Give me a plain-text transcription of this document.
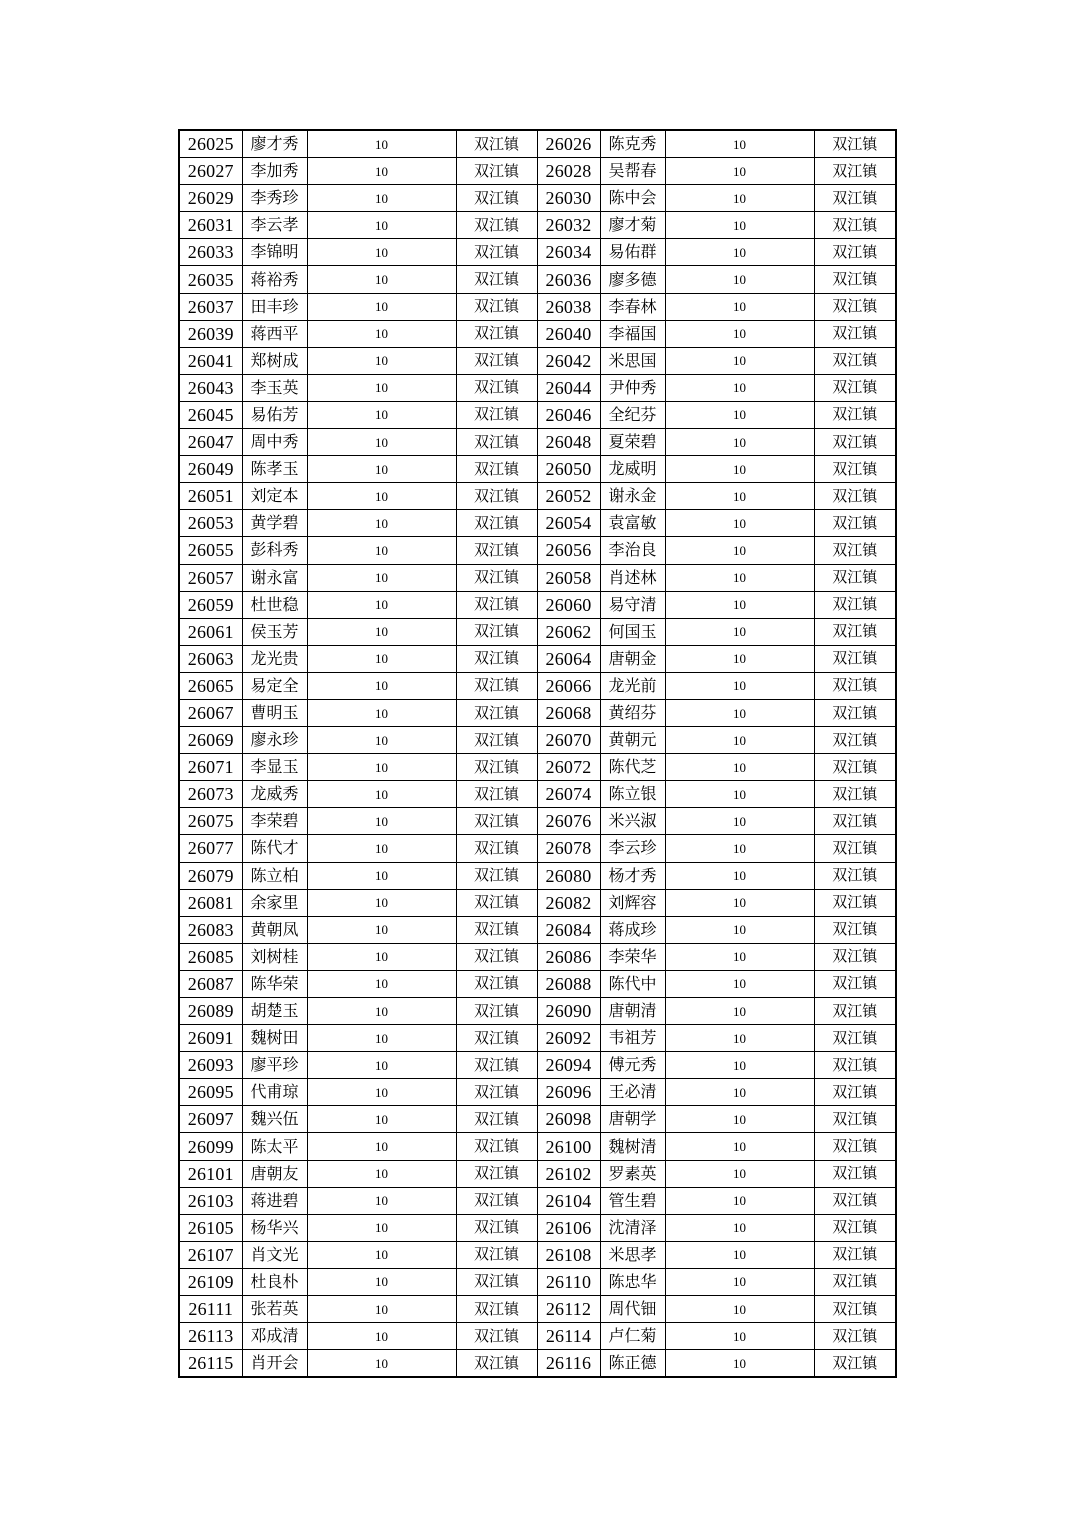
26025	廖才秀	10	双江镇	26026	陈克秀	10	双江镇
26027	李加秀	10	双江镇	26028	吴帮春	10	双江镇
26029	李秀珍	10	双江镇	26030	陈中会	10	双江镇
26031	李云孝	10	双江镇	26032	廖才菊	10	双江镇
26033	李锦明	10	双江镇	26034	易佑群	10	双江镇
26035	蒋裕秀	10	双江镇	26036	廖多德	10	双江镇
26037	田丰珍	10	双江镇	26038	李春林	10	双江镇
26039	蒋西平	10	双江镇	26040	李福国	10	双江镇
26041	郑树成	10	双江镇	26042	米思国	10	双江镇
26043	李玉英	10	双江镇	26044	尹仲秀	10	双江镇
26045	易佑芳	10	双江镇	26046	全纪芬	10	双江镇
26047	周中秀	10	双江镇	26048	夏荣碧	10	双江镇
26049	陈孝玉	10	双江镇	26050	龙威明	10	双江镇
26051	刘定本	10	双江镇	26052	谢永金	10	双江镇
26053	黄学碧	10	双江镇	26054	袁富敏	10	双江镇
26055	彭科秀	10	双江镇	26056	李治良	10	双江镇
26057	谢永富	10	双江镇	26058	肖述林	10	双江镇
26059	杜世稳	10	双江镇	26060	易守清	10	双江镇
26061	侯玉芳	10	双江镇	26062	何国玉	10	双江镇
26063	龙光贵	10	双江镇	26064	唐朝金	10	双江镇
26065	易定全	10	双江镇	26066	龙光前	10	双江镇
26067	曹明玉	10	双江镇	26068	黄绍芬	10	双江镇
26069	廖永珍	10	双江镇	26070	黄朝元	10	双江镇
26071	李显玉	10	双江镇	26072	陈代芝	10	双江镇
26073	龙威秀	10	双江镇	26074	陈立银	10	双江镇
26075	李荣碧	10	双江镇	26076	米兴淑	10	双江镇
26077	陈代才	10	双江镇	26078	李云珍	10	双江镇
26079	陈立柏	10	双江镇	26080	杨才秀	10	双江镇
26081	余家里	10	双江镇	26082	刘辉容	10	双江镇
26083	黄朝凤	10	双江镇	26084	蒋成珍	10	双江镇
26085	刘树桂	10	双江镇	26086	李荣华	10	双江镇
26087	陈华荣	10	双江镇	26088	陈代中	10	双江镇
26089	胡楚玉	10	双江镇	26090	唐朝清	10	双江镇
26091	魏树田	10	双江镇	26092	韦祖芳	10	双江镇
26093	廖平珍	10	双江镇	26094	傅元秀	10	双江镇
26095	代甫琼	10	双江镇	26096	王必清	10	双江镇
26097	魏兴伍	10	双江镇	26098	唐朝学	10	双江镇
26099	陈太平	10	双江镇	26100	魏树清	10	双江镇
26101	唐朝友	10	双江镇	26102	罗素英	10	双江镇
26103	蒋进碧	10	双江镇	26104	管生碧	10	双江镇
26105	杨华兴	10	双江镇	26106	沈清泽	10	双江镇
26107	肖文光	10	双江镇	26108	米思孝	10	双江镇
26109	杜良朴	10	双江镇	26110	陈忠华	10	双江镇
26111	张若英	10	双江镇	26112	周代钿	10	双江镇
26113	邓成清	10	双江镇	26114	卢仁菊	10	双江镇
26115	肖开会	10	双江镇	26116	陈正德	10	双江镇
